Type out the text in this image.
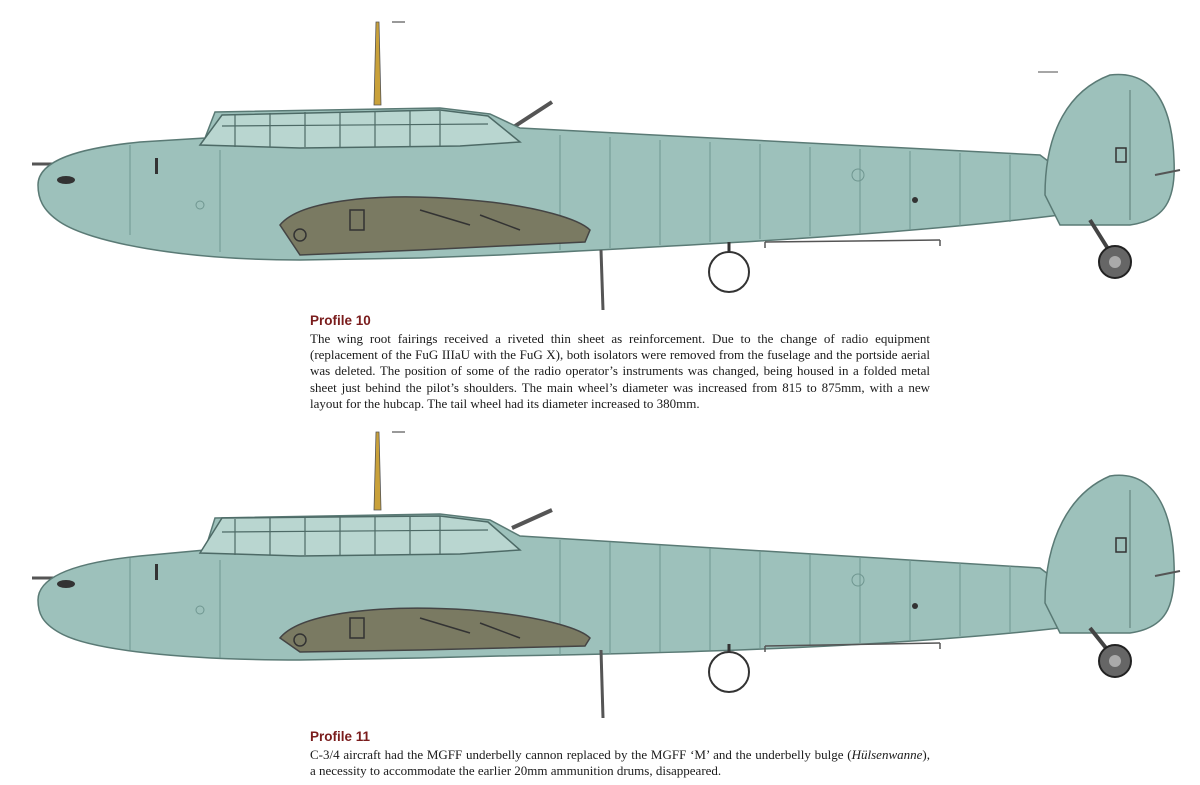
Profile 10

The wing root fairings received a riveted thin sheet as reinforcement. Due to the change of radio equipment (replacement of the FuG IIIaU with the FuG X), both isolators were removed from the fuselage and the portside aerial was deleted. The position of some of the radio operator’s instruments was changed, being housed in a folded metal sheet just behind the pilot’s shoulders. The main wheel’s diameter was increased from 815 to 875mm, with a new layout for the hubcap. The tail wheel had its diameter increased to 380mm.

Profile 11

C-3/4 aircraft had the MGFF underbelly cannon replaced by the MGFF ‘M’ and the underbelly bulge (Hülsenwanne), a necessity to accommodate the earlier 20mm ammunition drums, disappeared.
